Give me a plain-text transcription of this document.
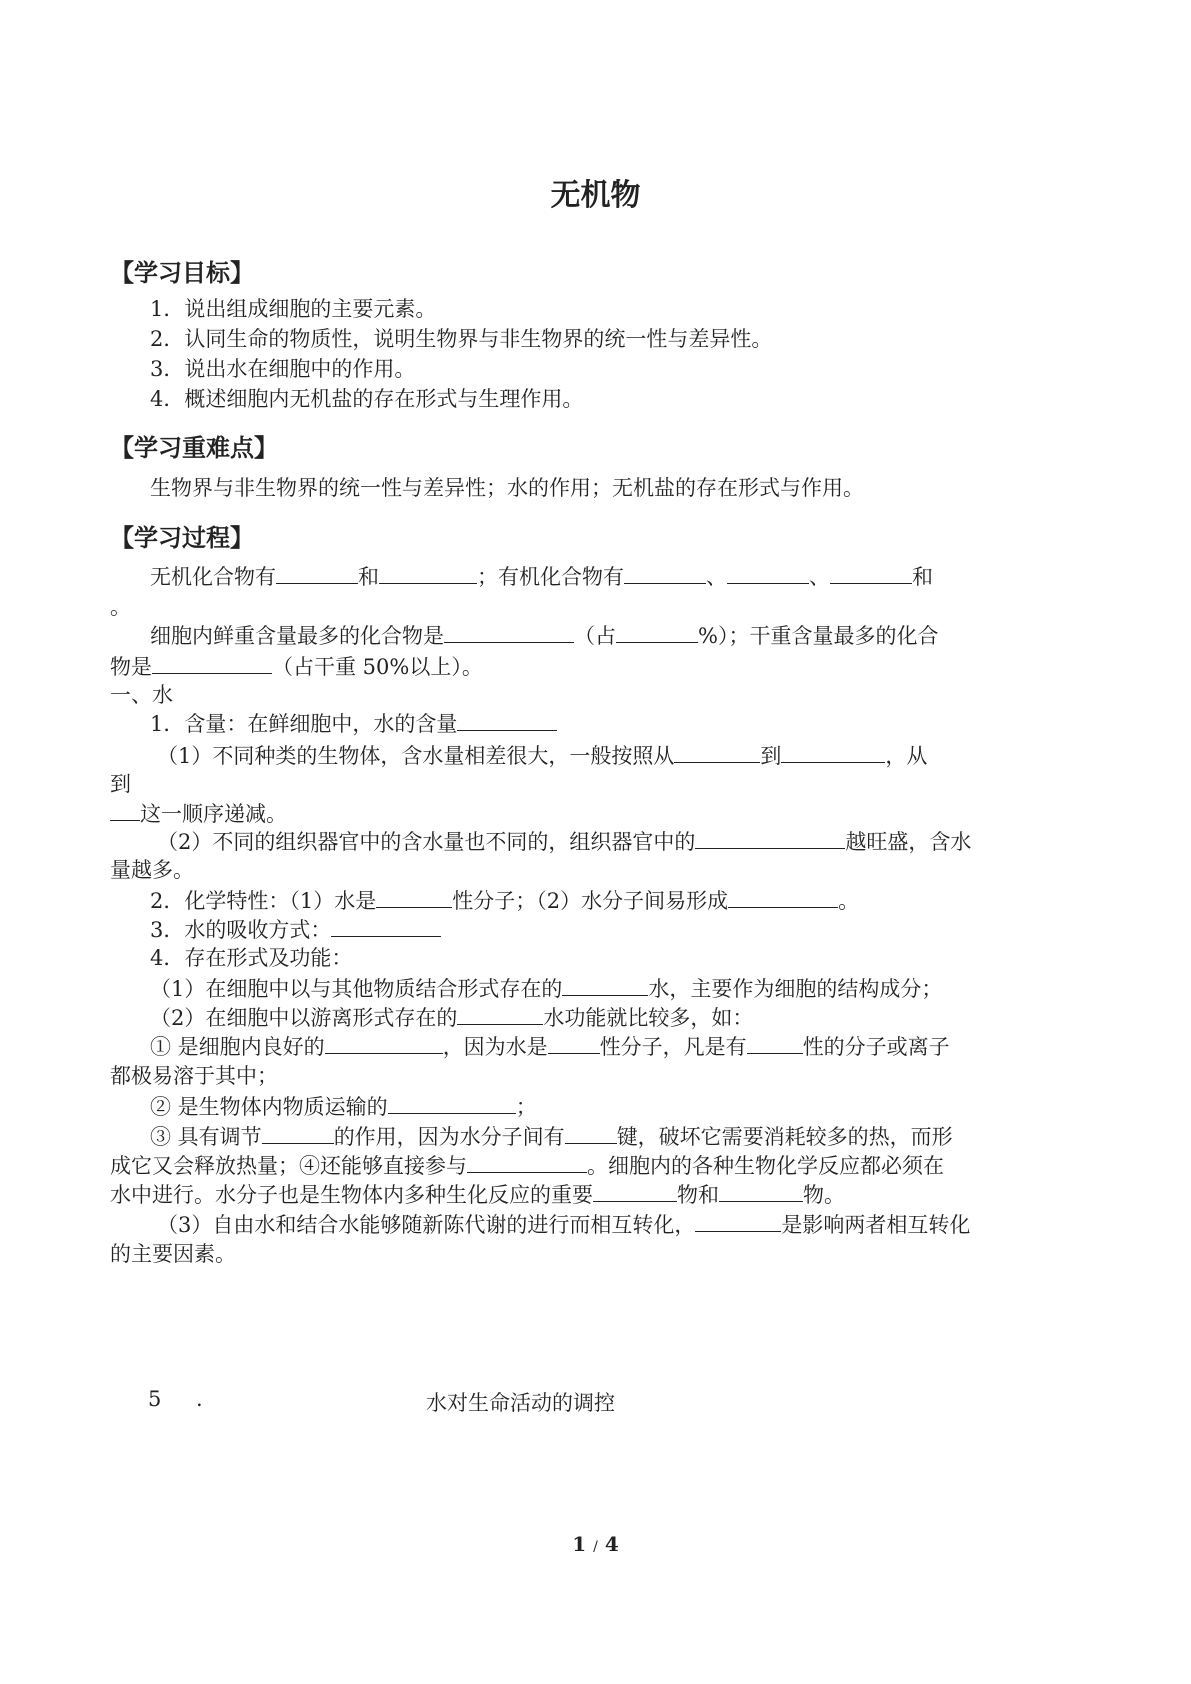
无机物
【学习目标】
1．说出组成细胞的主要元素。
2．认同生命的物质性，说明生物界与非生物界的统一性与差异性。
3．说出水在细胞中的作用。
4．概述细胞内无机盐的存在形式与生理作用。
【学习重难点】
生物界与非生物界的统一性与差异性；水的作用；无机盐的存在形式与作用。
【学习过程】
无机化合物有	和	；有机化合物有	、	、	和
。
细胞内鲜重含量最多的化合物是	（占	%）；干重含量最多的化合
物是	（占干重 50%以上）。
一、水
1．含量：在鲜细胞中，水的含量
（1）不同种类的生物体，含水量相差很大，一般按照从	到	，从
到
这一顺序递减。
（2）不同的组织器官中的含水量也不同的，组织器官中的	越旺盛，含水
量越多。
2．化学特性：（1）水是	性分子；（2）水分子间易形成	。
3．水的吸收方式：
4．存在形式及功能：
（1）在细胞中以与其他物质结合形式存在的	水，主要作为细胞的结构成分；
（2）在细胞中以游离形式存在的	水功能就比较多，如：
① 是细胞内良好的	，因为水是 性分子，凡是有	性的分子或离子
都极易溶于其中；
② 是生物体内物质运输的	；
③ 具有调节	的作用，因为水分子间有 键，破坏它需要消耗较多的热，而形
成它又会释放热量；④还能够直接参与	。细胞内的各种生物化学反应都必须在
水中进行。水分子也是生物体内多种生化反应的重要	物和	物。
（3）自由水和结合水能够随新陈代谢的进行而相互转化，	是影响两者相互转化
的主要因素。
5 .	水对生命活动的调控
1 / 4
